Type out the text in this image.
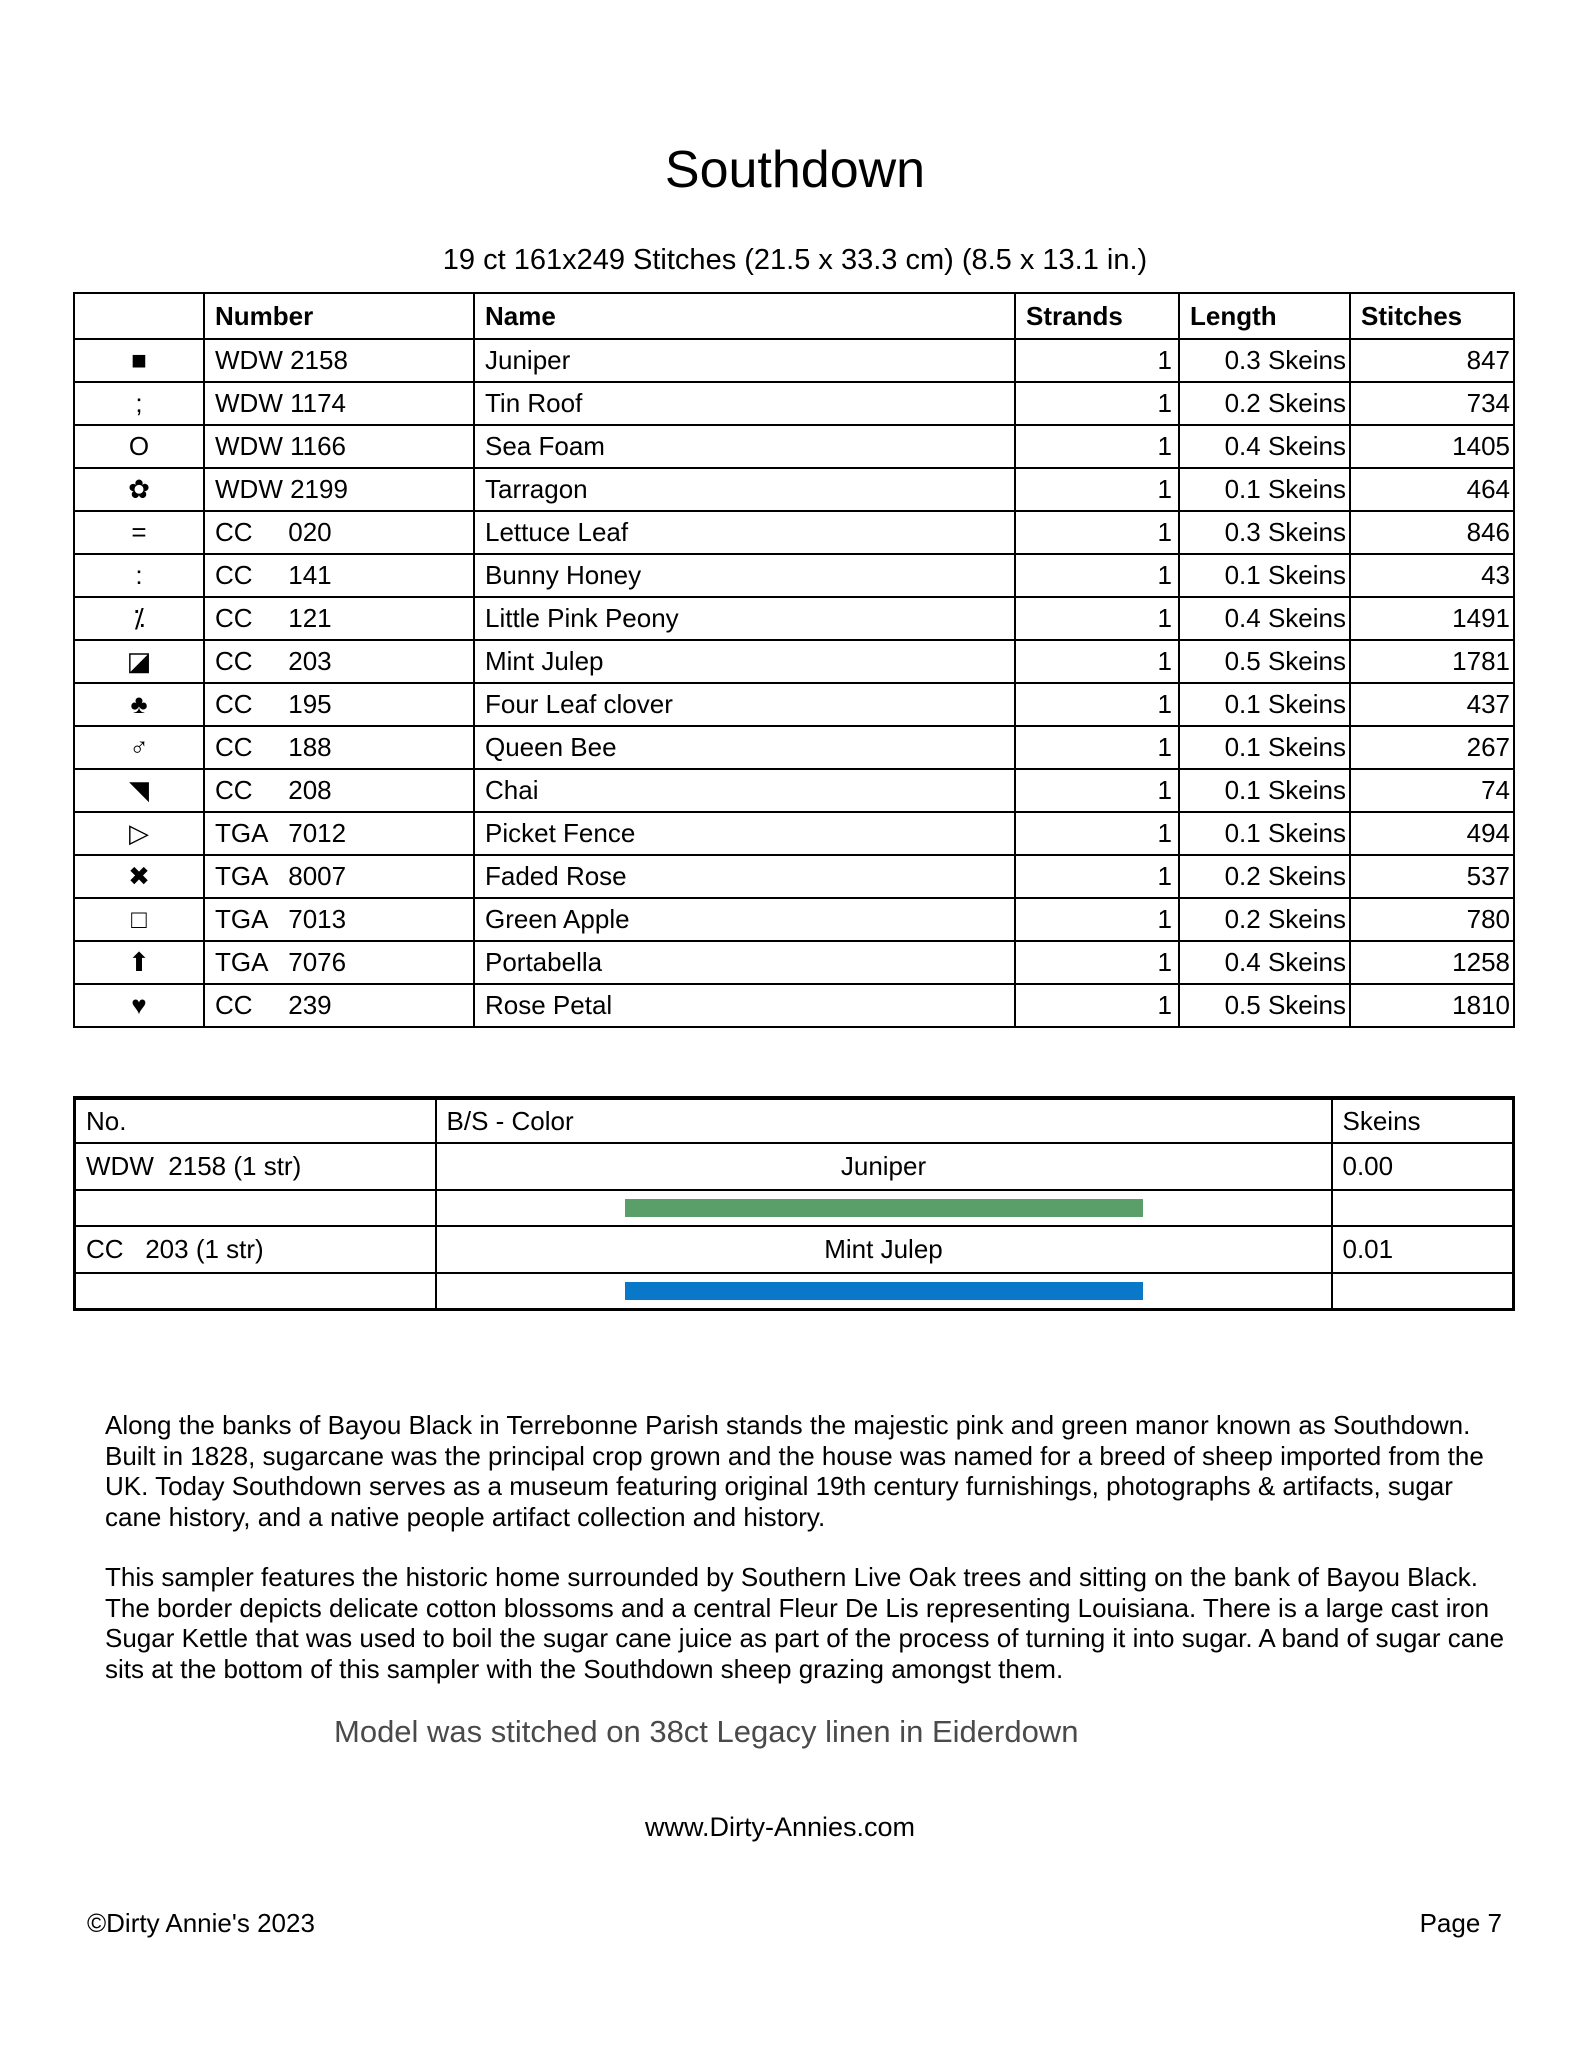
Southdown
19 ct 161x249 Stitches (21.5 x 33.3 cm) (8.5 x 13.1 in.)
	Number	Name	Strands	Length	Stitches
■	WDW 2158	Juniper	1	0.3 Skeins	847
;	WDW 1174	Tin Roof	1	0.2 Skeins	734
O	WDW 1166	Sea Foam	1	0.4 Skeins	1405
✿	WDW 2199	Tarragon	1	0.1 Skeins	464
=	CC 020	Lettuce Leaf	1	0.3 Skeins	846
:	CC 141	Bunny Honey	1	0.1 Skeins	43
⁒	CC 121	Little Pink Peony	1	0.4 Skeins	1491
◪	CC 203	Mint Julep	1	0.5 Skeins	1781
♣	CC 195	Four Leaf clover	1	0.1 Skeins	437
♂	CC 188	Queen Bee	1	0.1 Skeins	267
◥	CC 208	Chai	1	0.1 Skeins	74
▷	TGA 7012	Picket Fence	1	0.1 Skeins	494
✖	TGA 8007	Faded Rose	1	0.2 Skeins	537
□	TGA 7013	Green Apple	1	0.2 Skeins	780
⬆	TGA 7076	Portabella	1	0.4 Skeins	1258
♥	CC 239	Rose Petal	1	0.5 Skeins	1810
No.	B/S - Color	Skeins
WDW  2158 (1 str)	Juniper	0.00

CC   203 (1 str)	Mint Julep	0.01

Along the banks of Bayou Black in Terrebonne Parish stands the majestic pink and green manor known as Southdown. Built in 1828, sugarcane was the principal crop grown and the house was named for a breed of sheep imported from the UK. Today Southdown serves as a museum featuring original 19th century furnishings, photographs & artifacts, sugar cane history, and a native people artifact collection and history.
This sampler features the historic home surrounded by Southern Live Oak trees and sitting on the bank of Bayou Black. The border depicts delicate cotton blossoms and a central Fleur De Lis representing Louisiana. There is a large cast iron Sugar Kettle that was used to boil the sugar cane juice as part of the process of turning it into sugar. A band of sugar cane sits at the bottom of this sampler with the Southdown sheep grazing amongst them.
Model was stitched on 38ct Legacy linen in Eiderdown
www.Dirty-Annies.com
©Dirty Annie's 2023	Page 7
